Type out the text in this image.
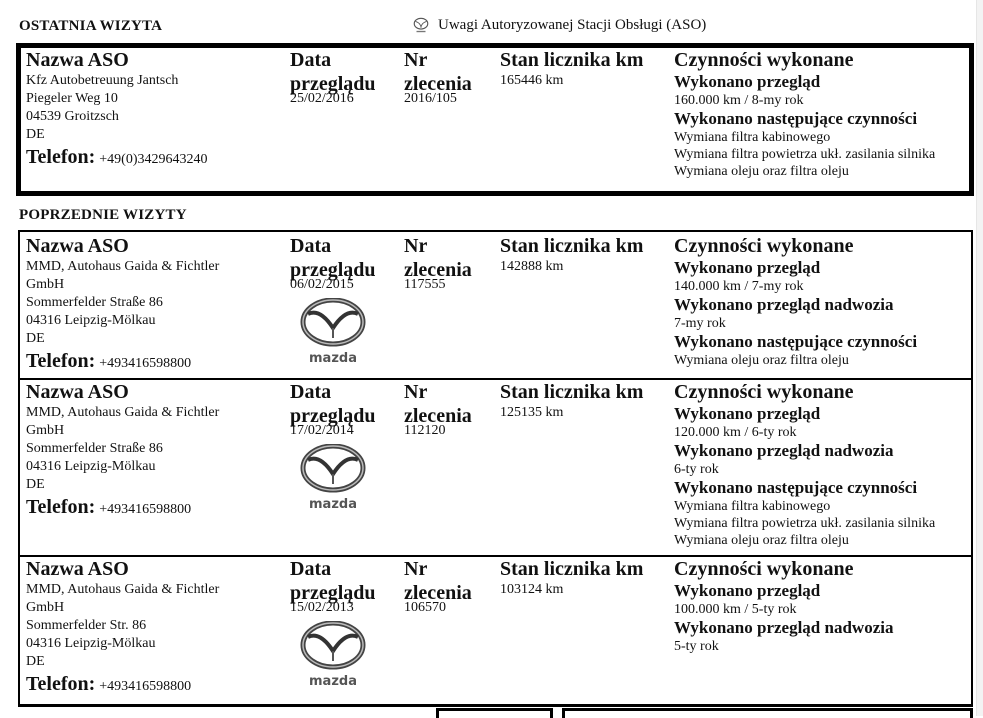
OSTATNIA WIZYTA	Uwagi Autoryzowanej Stacji Obsługi (ASO)
Nazwa ASO
Kfz Autobetreuung Jantsch
Piegeler Weg 10
04539 Groitzsch
DE
Telefon: +49(0)3429643240
Data
przeglądu
25/02/2016
Nr
zlecenia
2016/105
Stan licznika km
165446 km
Czynności wykonane
Wykonano przegląd
160.000 km / 8-my rok
Wykonano następujące czynności
Wymiana filtra kabinowego
Wymiana filtra powietrza ukł. zasilania silnika
Wymiana oleju oraz filtra oleju
POPRZEDNIE WIZYTY
Nazwa ASO
MMD, Autohaus Gaida & Fichtler
GmbH
Sommerfelder Straße 86
04316 Leipzig-Mölkau
DE
Telefon: +493416598800
Data
przeglądu
06/02/2015
mazda
Nr
zlecenia
117555
Stan licznika km
142888 km
Czynności wykonane
Wykonano przegląd
140.000 km / 7-my rok
Wykonano przegląd nadwozia
7-my rok
Wykonano następujące czynności
Wymiana oleju oraz filtra oleju
Nazwa ASO
MMD, Autohaus Gaida & Fichtler
GmbH
Sommerfelder Straße 86
04316 Leipzig-Mölkau
DE
Telefon: +493416598800
Data
przeglądu
17/02/2014
mazda
Nr
zlecenia
112120
Stan licznika km
125135 km
Czynności wykonane
Wykonano przegląd
120.000 km / 6-ty rok
Wykonano przegląd nadwozia
6-ty rok
Wykonano następujące czynności
Wymiana filtra kabinowego
Wymiana filtra powietrza ukł. zasilania silnika
Wymiana oleju oraz filtra oleju
Nazwa ASO
MMD, Autohaus Gaida & Fichtler
GmbH
Sommerfelder Str. 86
04316 Leipzig-Mölkau
DE
Telefon: +493416598800
Data
przeglądu
15/02/2013
mazda
Nr
zlecenia
106570
Stan licznika km
103124 km
Czynności wykonane
Wykonano przegląd
100.000 km / 5-ty rok
Wykonano przegląd nadwozia
5-ty rok
